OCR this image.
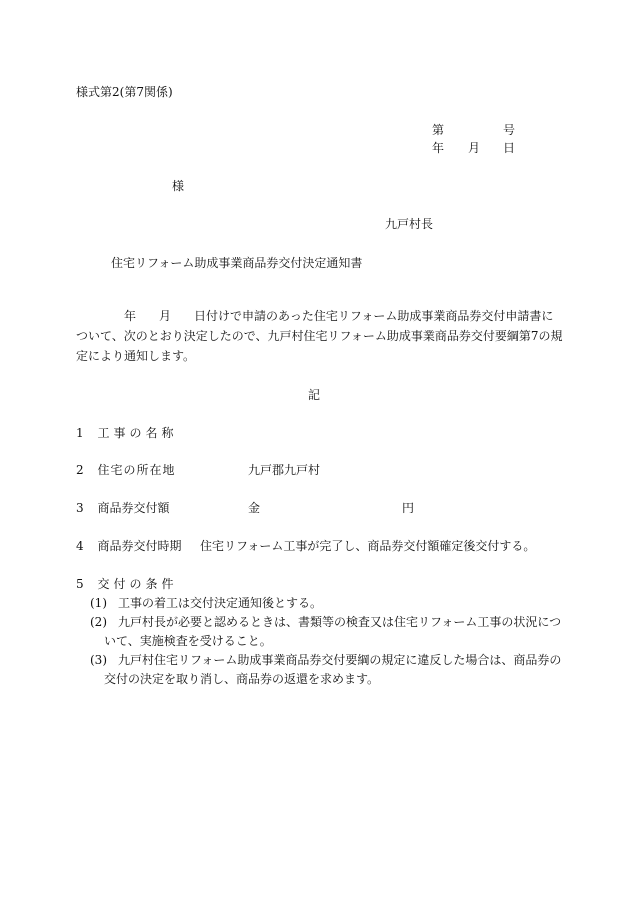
様式第2(第7関係)
第	号
年 月 日
様
九戸村長
住宅リフォーム助成事業商品券交付決定通知書
年 月 日付けで申請のあった住宅リフォーム助成事業商品券交付申請書に
ついて、次のとおり決定したので、九戸村住宅リフォーム助成事業商品券交付要綱第7の規
定により通知します。
記
1 工事の名称
2 住宅の所在地	九戸郡九戸村
3 商品券交付額	金	円
4 商品券交付時期 住宅リフォーム工事が完了し、商品券交付額確定後交付する。
5 交付の条件
(1) 工事の着工は交付決定通知後とする。
(2) 九戸村長が必要と認めるときは、書類等の検査又は住宅リフォーム工事の状況につ
いて、実施検査を受けること。
(3) 九戸村住宅リフォーム助成事業商品券交付要綱の規定に違反した場合は、商品券の
交付の決定を取り消し、商品券の返還を求めます。
